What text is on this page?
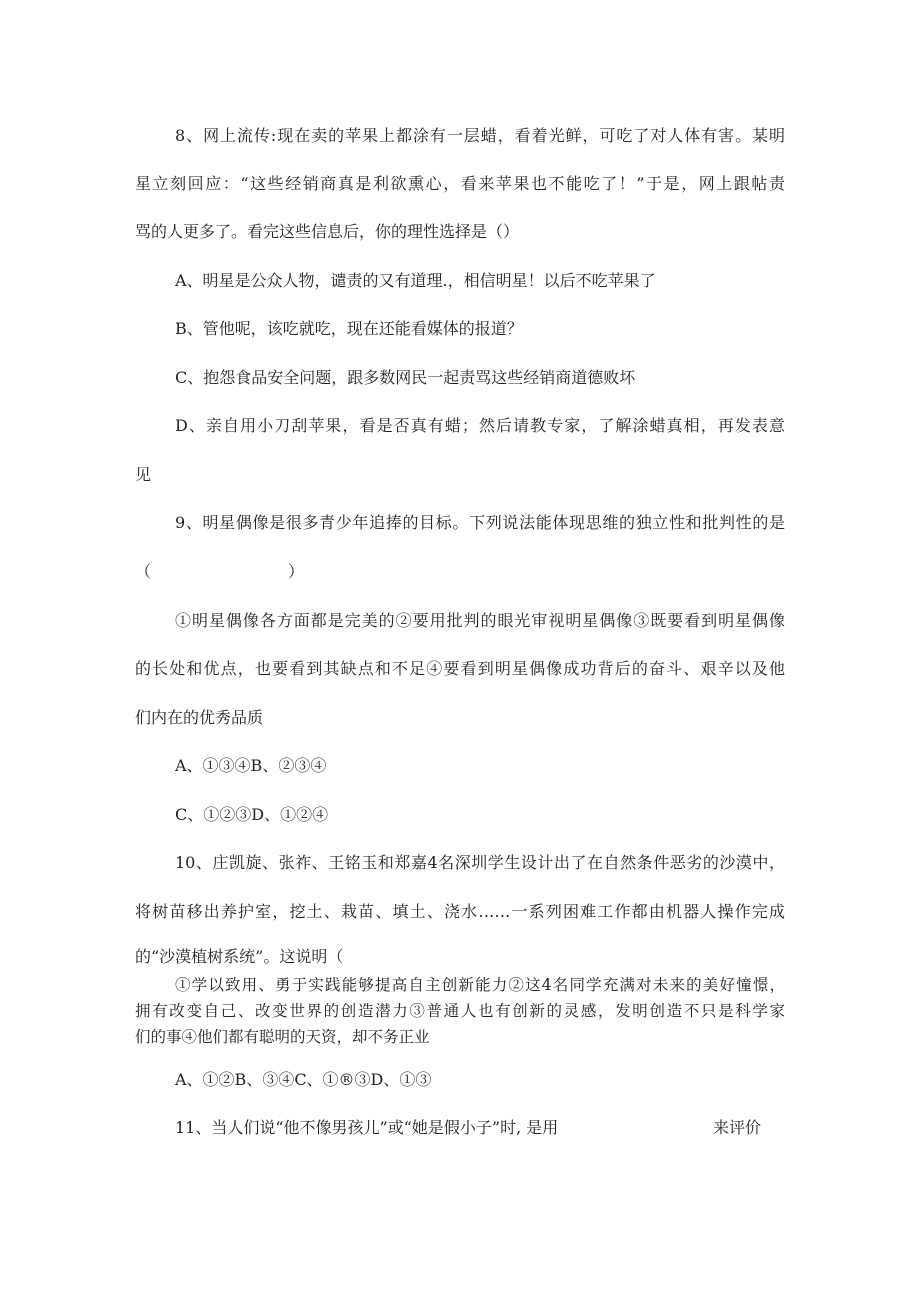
8、网上流传:现在卖的苹果上都涂有一层蜡，看着光鲜，可吃了对人体有害。某明
星立刻回应：“这些经销商真是利欲熏心，看来苹果也不能吃了！”于是，网上跟帖责
骂的人更多了。看完这些信息后，你的理性选择是（）
A、明星是公众人物，谴责的又有道理.，相信明星！以后不吃苹果了
B、管他呢，该吃就吃，现在还能看媒体的报道？
C、抱怨食品安全问题，跟多数网民一起责骂这些经销商道德败坏
D、亲自用小刀刮苹果，看是否真有蜡；然后请教专家，了解涂蜡真相，再发表意
见
9、明星偶像是很多青少年追捧的目标。下列说法能体现思维的独立性和批判性的是
（	）
①明星偶像各方面都是完美的②要用批判的眼光审视明星偶像③既要看到明星偶像
的长处和优点，也要看到其缺点和不足④要看到明星偶像成功背后的奋斗、艰辛以及他
们内在的优秀品质
A、①③④B、②③④
C、①②③D、①②④
10、庄凯旋、张祚、王铭玉和郑嘉4名深圳学生设计出了在自然条件恶劣的沙漠中，
将树苗移出养护室，挖土、栽苗、填土、浇水……一系列困难工作都由机器人操作完成
的“沙漠植树系统”。这说明（
①学以致用、勇于实践能够提高自主创新能力②这4名同学充满对未来的美好憧憬，
拥有改变自己、改变世界的创造潜力③普通人也有创新的灵感，发明创造不只是科学家
们的事④他们都有聪明的天资，却不务正业
A、①②B、③④C、①®③D、①③
11、当人们说“他不像男孩儿”或“她是假小子”时, 是用	来评价
